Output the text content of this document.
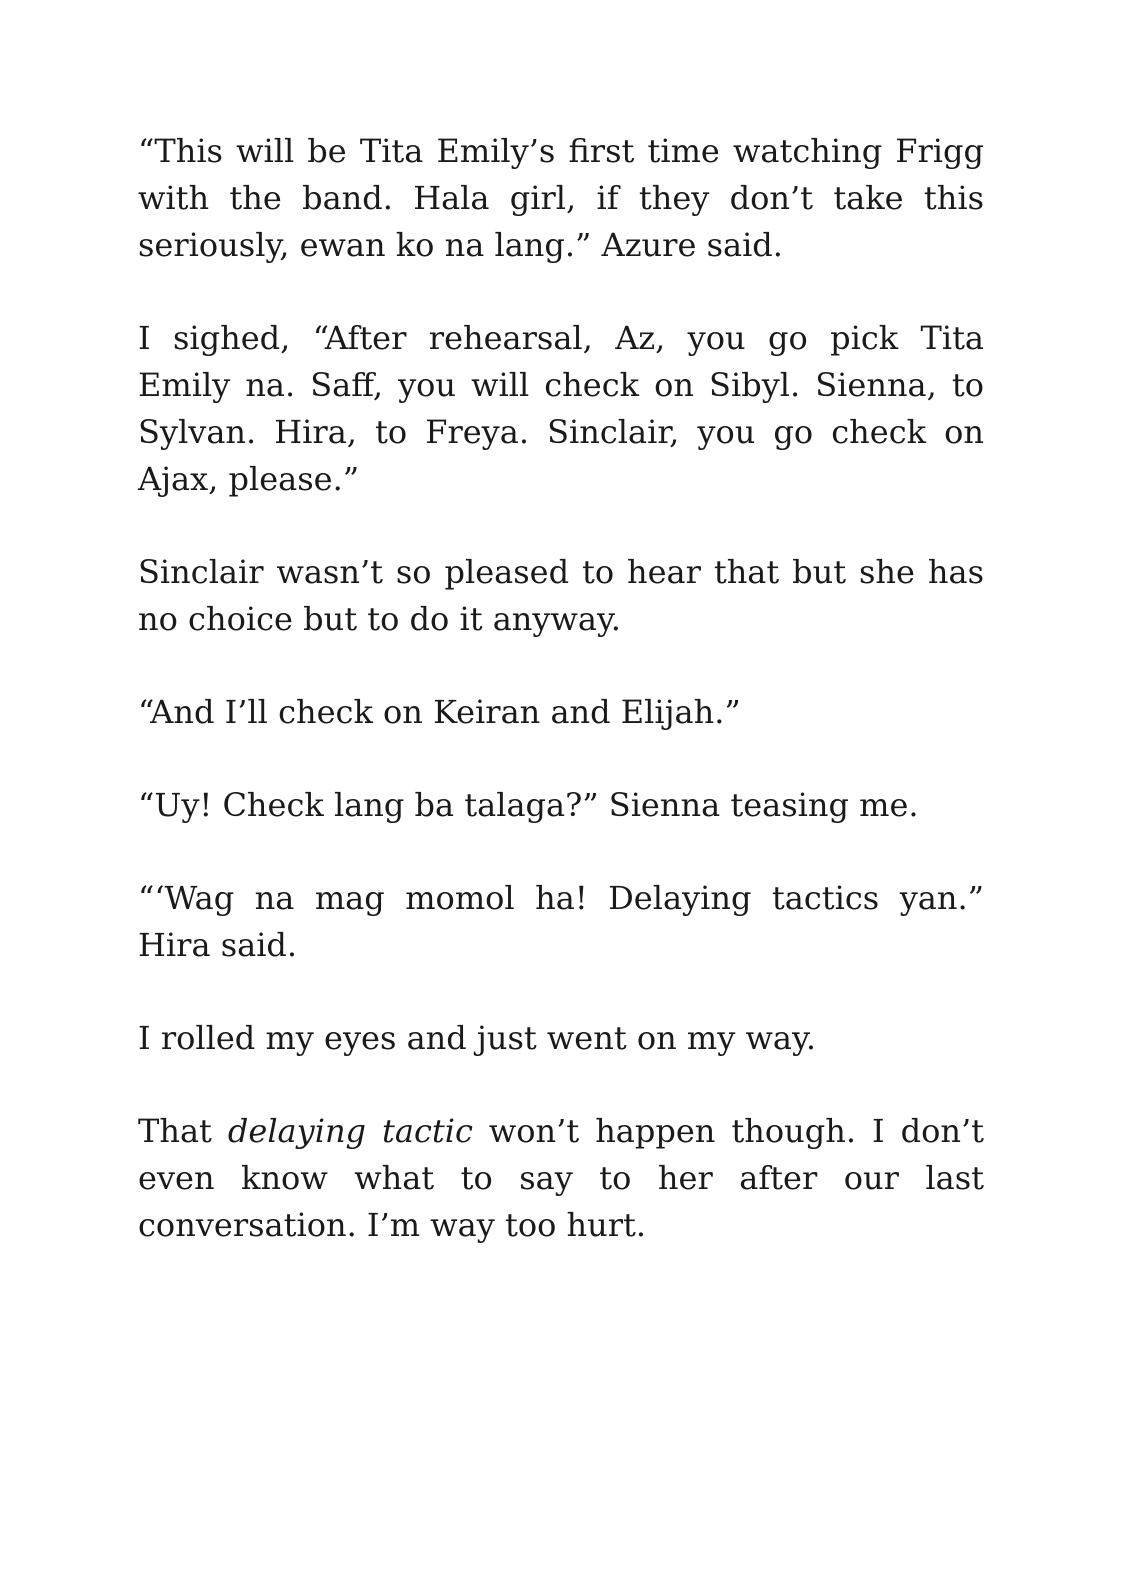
“This will be Tita Emily’s first time watching Frigg with the band. Hala girl, if they don’t take this seriously, ewan ko na lang.” Azure said.

I sighed, “After rehearsal, Az, you go pick Tita Emily na. Saff, you will check on Sibyl. Sienna, to Sylvan. Hira, to Freya. Sinclair, you go check on Ajax, please.”

Sinclair wasn’t so pleased to hear that but she has no choice but to do it anyway.

“And I’ll check on Keiran and Elijah.”

“Uy! Check lang ba talaga?” Sienna teasing me.

“‘Wag na mag momol ha! Delaying tactics yan.” Hira said.

I rolled my eyes and just went on my way.

That delaying tactic won’t happen though. I don’t even know what to say to her after our last conversation. I’m way too hurt.
